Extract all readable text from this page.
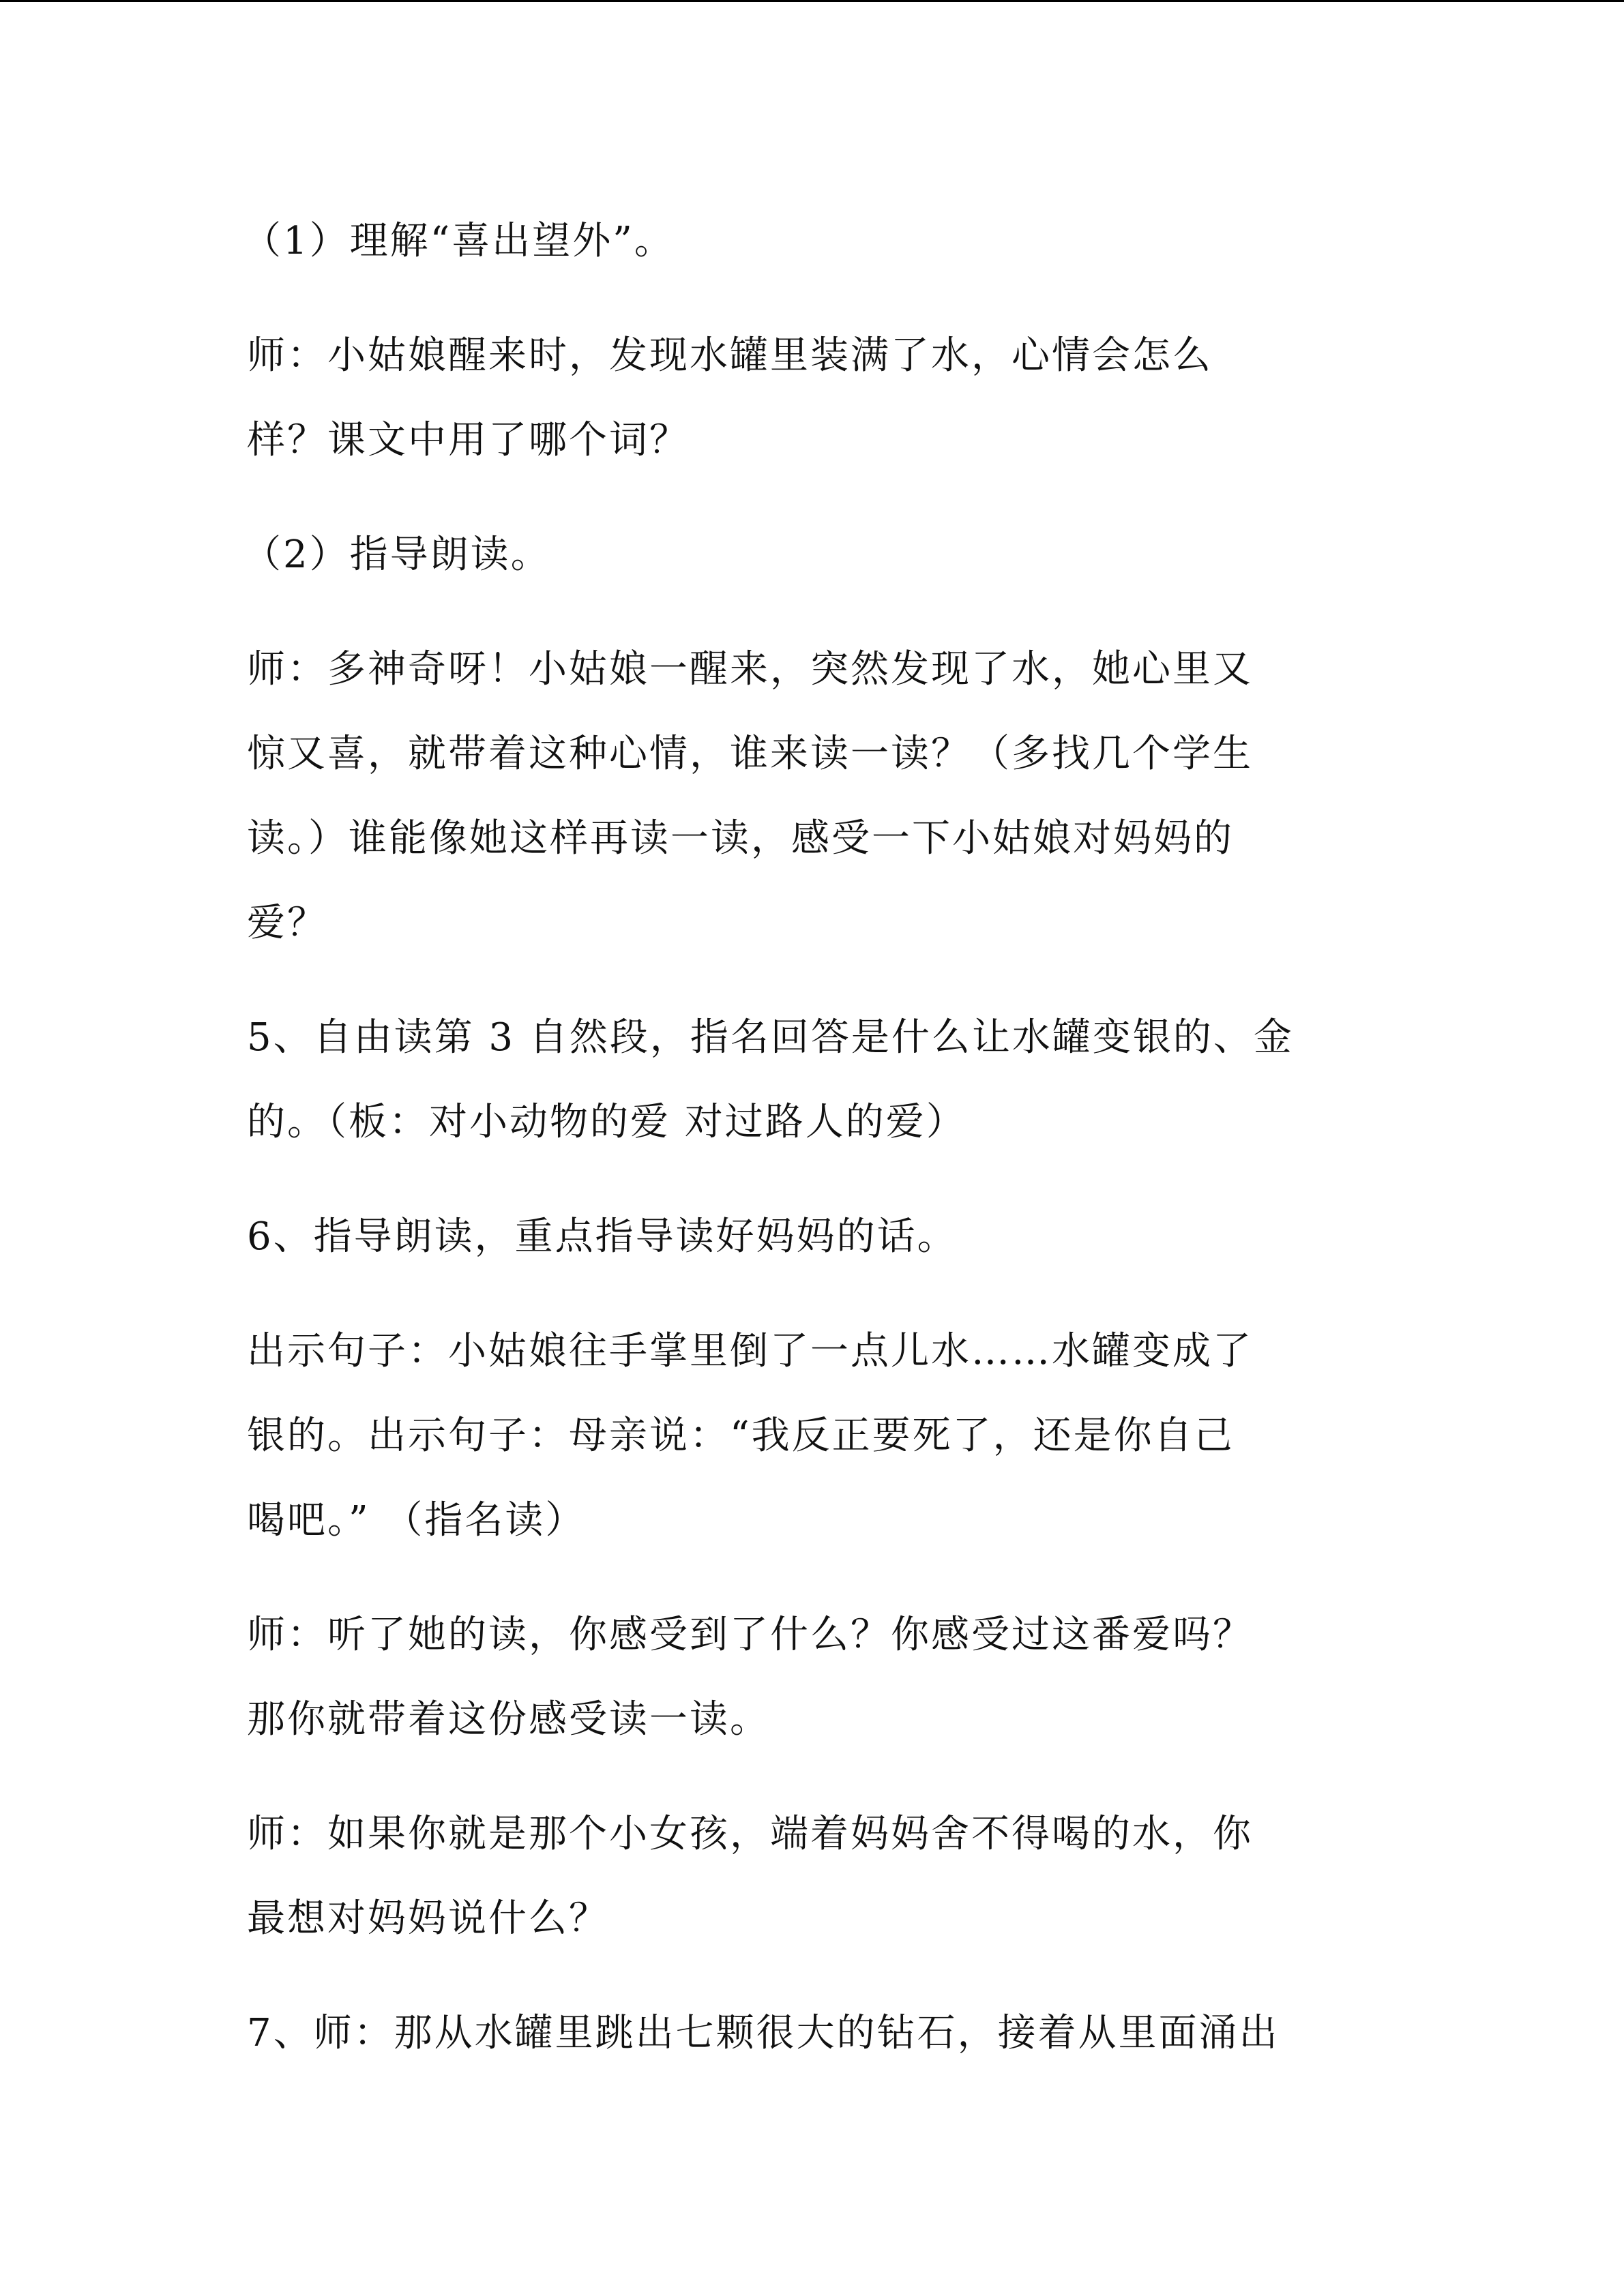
（1）理解“喜出望外”。

师：小姑娘醒来时，发现水罐里装满了水，心情会怎么
样？课文中用了哪个词？

（2）指导朗读。

师：多神奇呀！小姑娘一醒来，突然发现了水，她心里又
惊又喜，就带着这种心情，谁来读一读？（多找几个学生
读。）谁能像她这样再读一读，感受一下小姑娘对妈妈的
爱？

5、自由读第 3 自然段，指名回答是什么让水罐变银的、金
的。（板：对小动物的爱 对过路人的爱）

6、指导朗读，重点指导读好妈妈的话。

出示句子：小姑娘往手掌里倒了一点儿水……水罐变成了
银的。出示句子：母亲说：“我反正要死了，还是你自己
喝吧。” （指名读）

师：听了她的读，你感受到了什么？你感受过这番爱吗？
那你就带着这份感受读一读。

师：如果你就是那个小女孩，端着妈妈舍不得喝的水，你
最想对妈妈说什么？

7、师：那从水罐里跳出七颗很大的钻石，接着从里面涌出
